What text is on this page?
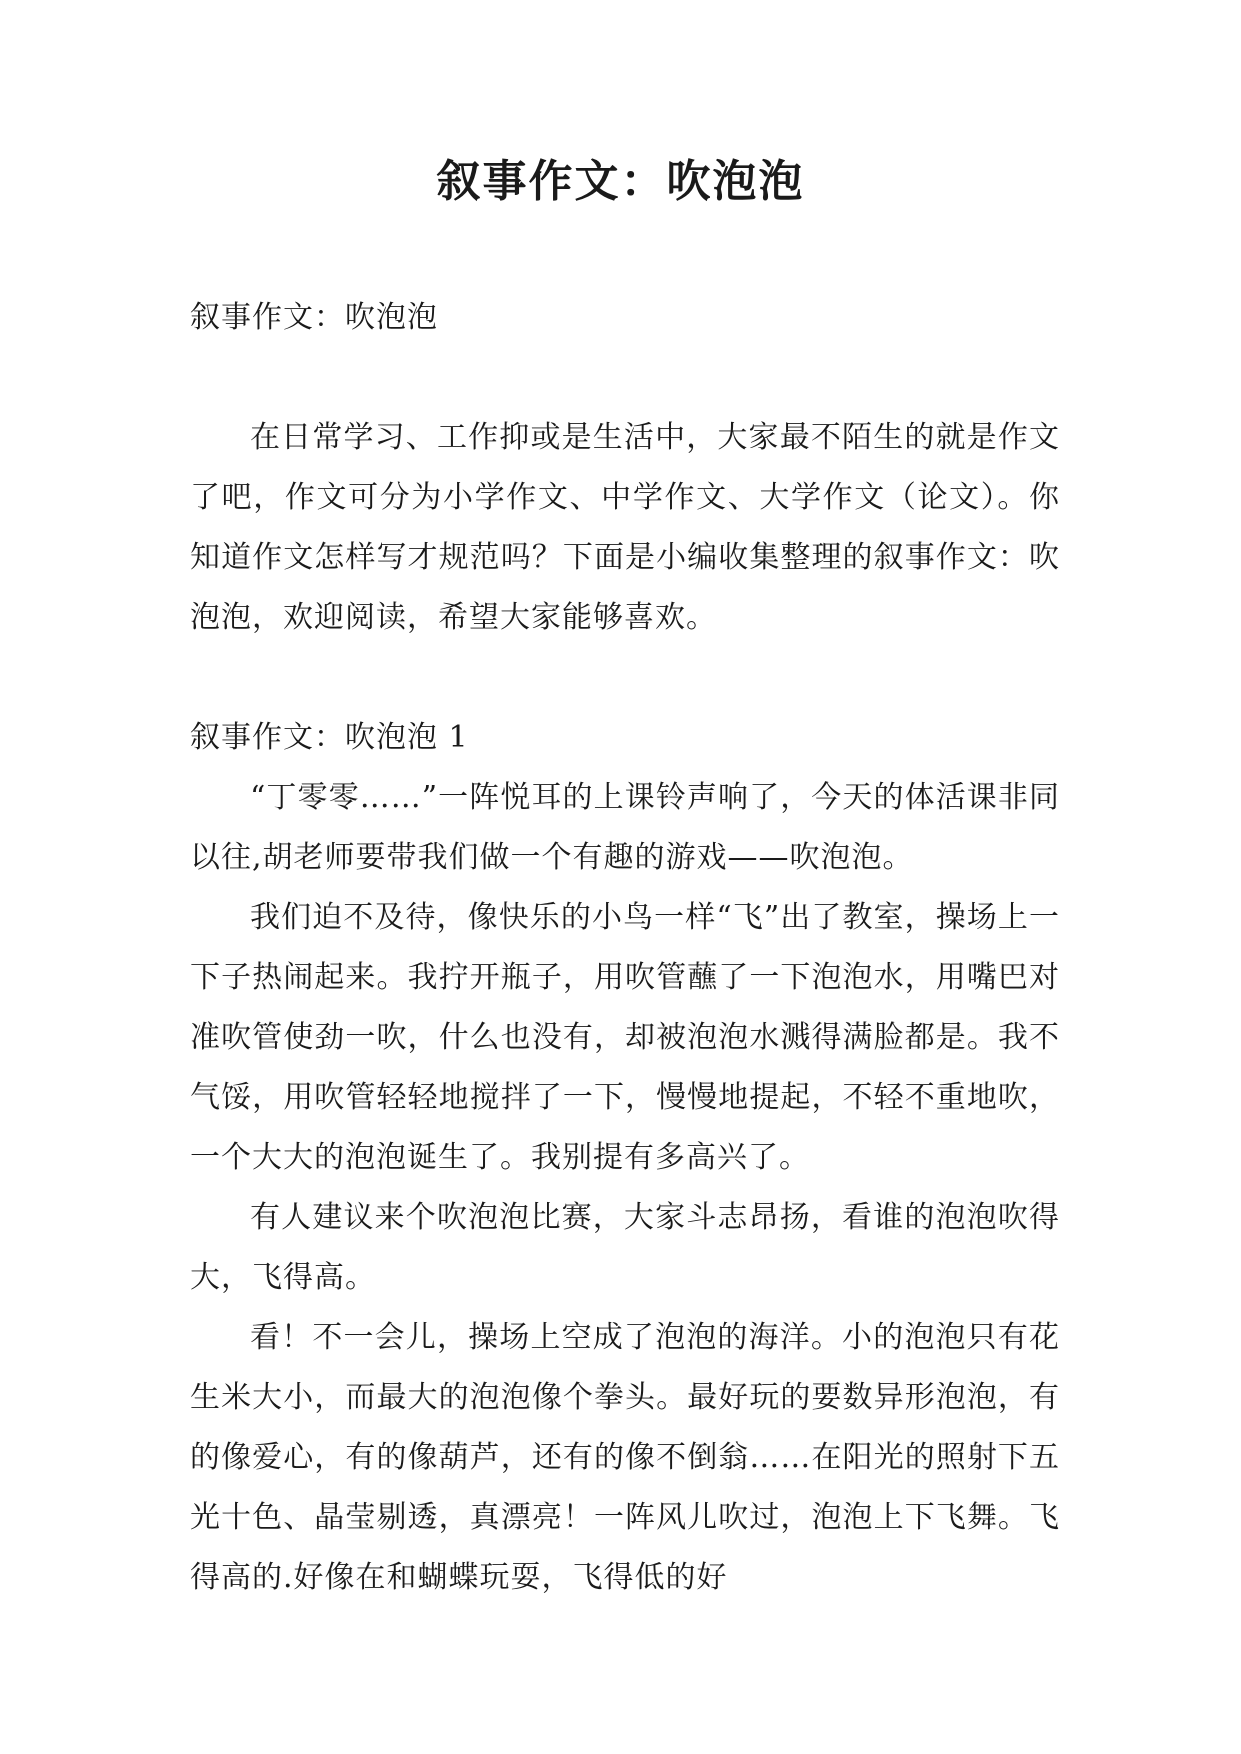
叙事作文：吹泡泡

叙事作文：吹泡泡

在日常学习、工作抑或是生活中，大家最不陌生的就是作文了吧，作文可分为小学作文、中学作文、大学作文（论文）。你知道作文怎样写才规范吗？下面是小编收集整理的叙事作文：吹泡泡，欢迎阅读，希望大家能够喜欢。

叙事作文：吹泡泡 1

“丁零零……”一阵悦耳的上课铃声响了，今天的体活课非同以往,胡老师要带我们做一个有趣的游戏——吹泡泡。

我们迫不及待，像快乐的小鸟一样“飞”出了教室，操场上一下子热闹起来。我拧开瓶子，用吹管蘸了一下泡泡水，用嘴巴对准吹管使劲一吹，什么也没有，却被泡泡水溅得满脸都是。我不气馁，用吹管轻轻地搅拌了一下，慢慢地提起，不轻不重地吹，一个大大的泡泡诞生了。我别提有多高兴了。

有人建议来个吹泡泡比赛，大家斗志昂扬，看谁的泡泡吹得大，飞得高。

看！不一会儿，操场上空成了泡泡的海洋。小的泡泡只有花生米大小，而最大的泡泡像个拳头。最好玩的要数异形泡泡，有的像爱心，有的像葫芦，还有的像不倒翁……在阳光的照射下五光十色、晶莹剔透，真漂亮！一阵风儿吹过，泡泡上下飞舞。飞得高的.好像在和蝴蝶玩耍，飞得低的好
